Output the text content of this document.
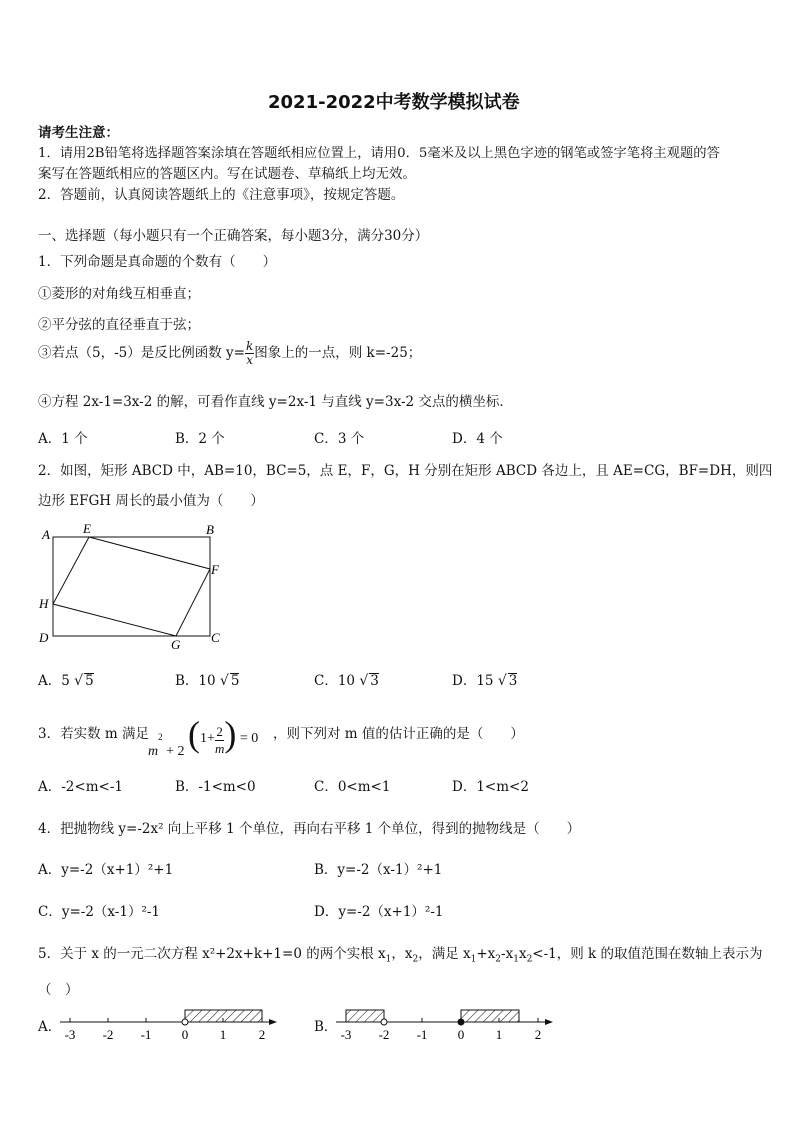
2021-2022中考数学模拟试卷
请考生注意：
1．请用2B铅笔将选择题答案涂填在答题纸相应位置上，请用0．5毫米及以上黑色字迹的钢笔或签字笔将主观题的答
案写在答题纸相应的答题区内。写在试题卷、草稿纸上均无效。
2．答题前，认真阅读答题纸上的《注意事项》，按规定答题。
一、选择题（每小题只有一个正确答案，每小题3分，满分30分）
1．下列命题是真命题的个数有（　　）
①菱形的对角线互相垂直；
②平分弦的直径垂直于弦；
③若点（5，-5）是反比例函数 $y= \frac{k}{x}$ 图象上的一点，则 k=-25；
④方程 2x-1=3x-2 的解，可看作直线 y=2x-1 与直线 y=3x-2 交点的横坐标．
A．1 个	B．2 个	C．3 个	D．4 个
2．如图，矩形 ABCD 中，AB=10，BC=5，点 E，F，G，H 分别在矩形 ABCD 各边上，且 AE=CG，BF=DH，则四
边形 EFGH 周长的最小值为（　　）
A	E	B
F
H
D	C
G
A．5 √ 5	B．10 √ 5	C．10 √ 3	D．15 √ 3
3．若实数 m 满足
$m^2 + 2$ ($1+ \frac{2}{m}$ ) = 0 ，则下列对 m 值的估计正确的是（　　）
A．-2<m<-1	B．-1<m<0	C．0<m<1	D．1<m<2
4．把抛物线 y=-2x² 向上平移 1 个单位，再向右平移 1 个单位，得到的抛物线是（　　）
A．y=-2（x+1）²+1	B．y=-2（x-1）²+1
C．y=-2（x-1）²-1	D．y=-2（x+1）²-1
5．关于 x 的一元二次方程 x²+2x+k+1=0 的两个实根 $x_1$，$x_2$，满足 $x_1+x_2-x_1x_2<-1$，则 k 的取值范围在数轴上表示为
（　）
A． -3 -2 -1 0 1	2	B． -3 -2 -1 0 1	2
